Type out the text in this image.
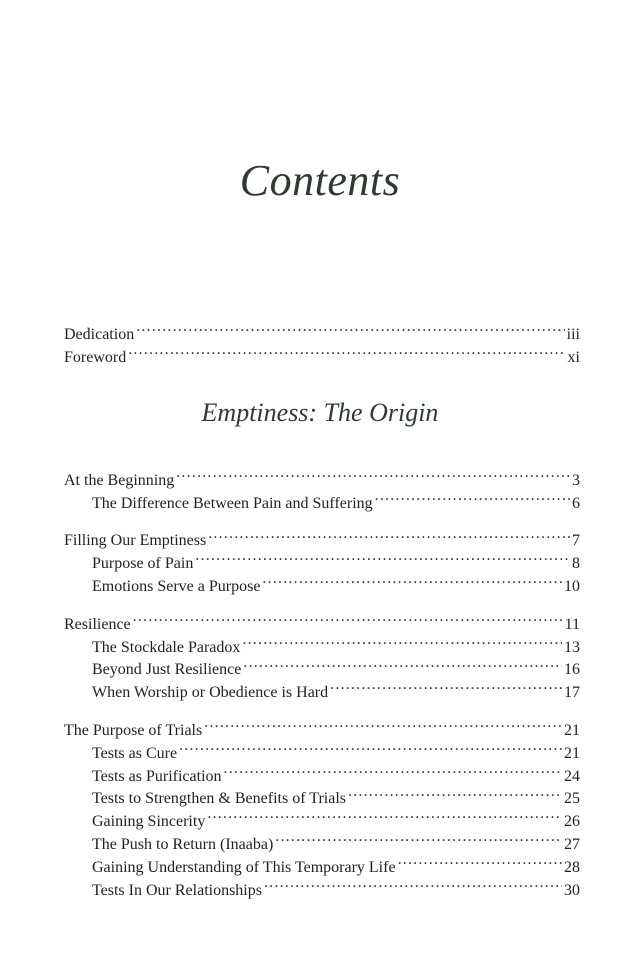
Contents
Dedication .....	iii
Foreword .....	xi
Emptiness: The Origin
At the Beginning .....	3
The Difference Between Pain and Suffering .....	6
Filling Our Emptiness .....	7
Purpose of Pain .....	8
Emotions Serve a Purpose .....	10
Resilience .....	11
The Stockdale Paradox .....	13
Beyond Just Resilience .....	16
When Worship or Obedience is Hard .....	17
The Purpose of Trials .....	21
Tests as Cure .....	21
Tests as Purification .....	24
Tests to Strengthen & Benefits of Trials .....	25
Gaining Sincerity .....	26
The Push to Return (Inaaba) .....	27
Gaining Understanding of This Temporary Life .....	28
Tests In Our Relationships .....	30
